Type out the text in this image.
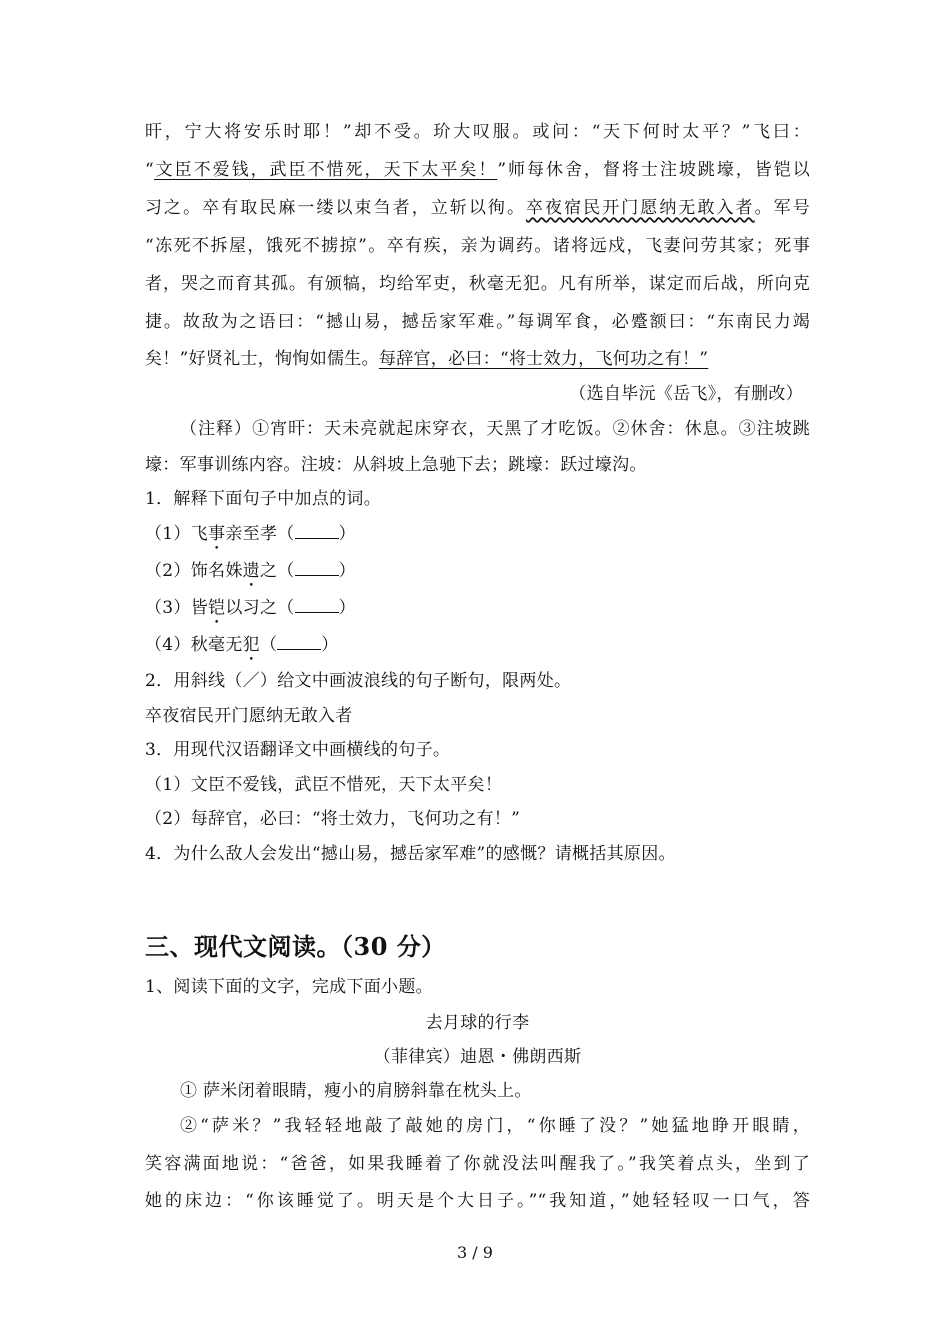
旰，宁大将安乐时耶！”却不受。玠大叹服。或问：“天下何时太平？”飞曰：
“文臣不爱钱，武臣不惜死，天下太平矣！”师每休舍，督将士注坡跳壕，皆铠以
习之。卒有取民麻一缕以束刍者，立斩以徇。卒夜宿民开门愿纳无敢入者。军号
“冻死不拆屋，饿死不掳掠”。卒有疾，亲为调药。诸将远戍，飞妻问劳其家；死事
者，哭之而育其孤。有颁犒，均给军吏，秋毫无犯。凡有所举，谋定而后战，所向克
捷。故敌为之语曰：“撼山易，撼岳家军难。”每调军食，必蹙额曰：“东南民力竭
矣！”好贤礼士，恂恂如儒生。每辞官，必曰：“将士效力，飞何功之有！”
（选自毕沅《岳飞》，有删改）
（注释）①宵旰：天未亮就起床穿衣，天黑了才吃饭。②休舍：休息。③注坡跳
壕：军事训练内容。注坡：从斜坡上急驰下去；跳壕：跃过壕沟。
1．解释下面句子中加点的词。
（1）飞事亲至孝（	）
（2）饰名姝遗之（	）
（3）皆铠以习之（	）
（4）秋毫无犯（	）
2．用斜线（／）给文中画波浪线的句子断句，限两处。
卒夜宿民开门愿纳无敢入者
3．用现代汉语翻译文中画横线的句子。
（1）文臣不爱钱，武臣不惜死，天下太平矣！
（2）每辞官，必曰：“将士效力，飞何功之有！”
4．为什么敌人会发出“撼山易，撼岳家军难”的感慨？请概括其原因。
三、现代文阅读。（30 分）
1、阅读下面的文字，完成下面小题。
去月球的行李
（菲律宾）迪恩・佛朗西斯
① 萨米闭着眼睛，瘦小的肩膀斜靠在枕头上。
②“萨米？”我轻轻地敲了敲她的房门，“你睡了没？”她猛地睁开眼睛，
笑容满面地说：“爸爸，如果我睡着了你就没法叫醒我了。”我笑着点头，坐到了
她的床边：“你该睡觉了。明天是个大日子。”“我知道，”她轻轻叹一口气，答
3 / 9
